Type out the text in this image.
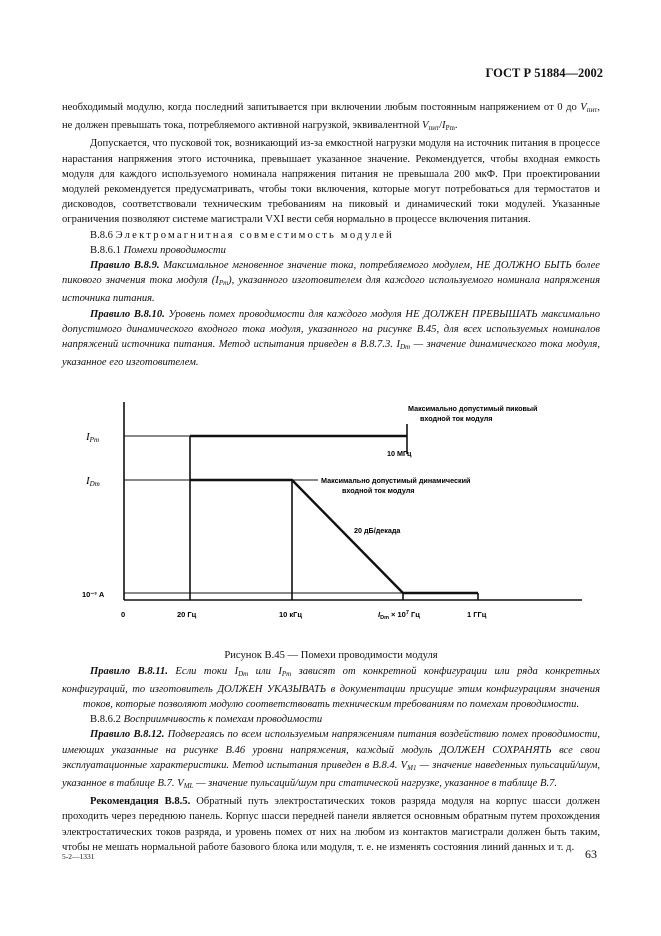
ГОСТ Р 51884—2002

необходимый модулю, когда последний запитывается при включении любым постоянным напряжением от 0 до $V_{пит}$, не должен превышать тока, потребляемого активной нагрузкой, эквивалентной $V_{пит}/I_{Pm}$.

Допускается, что пусковой ток, возникающий из-за емкостной нагрузки модуля на источник питания в процессе нарастания напряжения этого источника, превышает указанное значение. Рекомендуется, чтобы входная емкость модуля для каждого используемого номинала напряжения питания не превышала 200 мкФ. При проектировании модулей рекомендуется предусматривать, чтобы токи включения, которые могут потребоваться для термостатов и дисководов, соответствовали техническим требованиям на пиковый и динамический токи модулей. Указанные ограничения позволяют системе магистрали VXI вести себя нормально в процессе включения питания.

В.8.6 Электромагнитная совместимость модулей

В.8.6.1 Помехи проводимости

Правило В.8.9. Максимальное мгновенное значение тока, потребляемого модулем, НЕ ДОЛЖНО БЫТЬ более пикового значения тока модуля $(I_{Pm})$, указанного изготовителем для каждого используемого номинала напряжения источника питания.

Правило В.8.10. Уровень помех проводимости для каждого модуля НЕ ДОЛЖЕН ПРЕВЫШАТЬ максимально допустимого динамического входного тока модуля, указанного на рисунке В.45, для всех используемых номиналов напряжений источника питания. Метод испытания приведен в В.8.7.3. $I_{Dm}$ — значение динамического тока модуля, указанное его изготовителем.

IPm
IDm
10⁻³ А
0	20 Гц	10 кГц	$I_{Dm} \times 10^7$ Гц	1 ГГц
Максимально допустимый пиковый
входной ток модуля
10 МГц
Максимально допустимый динамический
входной ток модуля
20 дБ/декада

Рисунок В.45 — Помехи проводимости модуля

Правило В.8.11. Если токи $I_{Dm}$ или $I_{Pm}$ зависят от конкретной конфигурации или ряда конкретных конфигураций, то изготовитель ДОЛЖЕН УКАЗЫВАТЬ в документации присущие этим конфигурациям значения токов, которые позволяют модулю соответствовать техническим требованиям по помехам проводимости.

В.8.6.2 Восприимчивость к помехам проводимости

Правило В.8.12. Подвергаясь по всем используемым напряжениям питания воздействию помех проводимости, имеющих указанные на рисунке В.46 уровни напряжения, каждый модуль ДОЛЖЕН СОХРАНЯТЬ все свои эксплуатационные характеристики. Метод испытания приведен в В.8.4. $V_{M1}$ — значение наведенных пульсаций/шум, указанное в таблице В.7. $V_{ML}$ — значение пульсаций/шум при статической нагрузке, указанное в таблице В.7.

Рекомендация В.8.5. Обратный путь электростатических токов разряда модуля на корпус шасси должен проходить через переднюю панель. Корпус шасси передней панели является основным обратным путем прохождения электростатических токов разряда, и уровень помех от них на любом из контактов магистрали должен быть таким, чтобы не мешать нормальной работе базового блока или модуля, т. е. не изменять состояния линий данных и т. д.

5-2—1331	63
